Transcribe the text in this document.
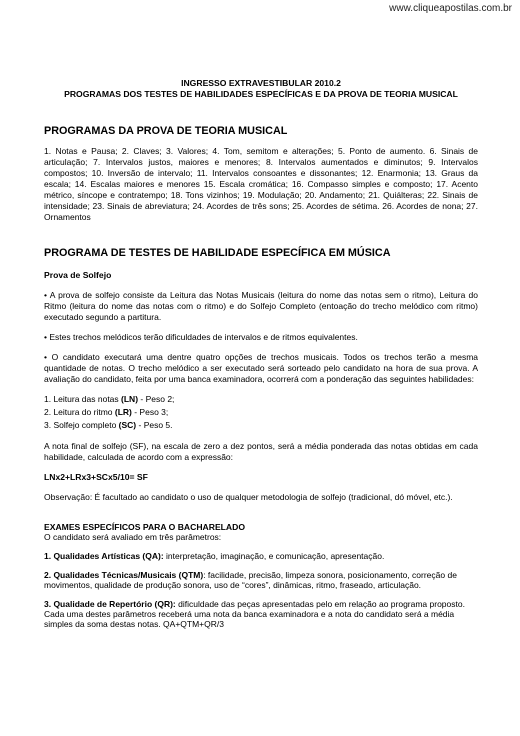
www.cliqueapostilas.com.br
INGRESSO EXTRAVESTIBULAR 2010.2
PROGRAMAS DOS TESTES DE HABILIDADES ESPECÍFICAS E DA PROVA DE TEORIA MUSICAL
PROGRAMAS DA PROVA DE TEORIA MUSICAL
1. Notas e Pausa; 2. Claves; 3. Valores; 4. Tom, semitom e alterações; 5. Ponto de aumento. 6. Sinais de articulação; 7. Intervalos justos, maiores e menores; 8. Intervalos aumentados e diminutos; 9. Intervalos compostos; 10. Inversão de intervalo; 11. Intervalos consoantes e dissonantes; 12. Enarmonia; 13. Graus da escala; 14. Escalas maiores e menores 15. Escala cromática; 16. Compasso simples e composto; 17. Acento métrico, síncope e contratempo; 18. Tons vizinhos; 19. Modulação; 20. Andamento; 21. Quiálteras; 22. Sinais de intensidade; 23. Sinais de abreviatura; 24. Acordes de três sons; 25. Acordes de sétima. 26. Acordes de nona; 27. Ornamentos
PROGRAMA DE TESTES DE HABILIDADE ESPECÍFICA EM MÚSICA
Prova de Solfejo
• A prova de solfejo consiste da Leitura das Notas Musicais (leitura do nome das notas sem o ritmo), Leitura do Ritmo (leitura do nome das notas com o ritmo) e do Solfejo Completo (entoação do trecho melódico com ritmo) executado segundo a partitura.
• Estes trechos melódicos terão dificuldades de intervalos e de ritmos equivalentes.
• O candidato executará uma dentre quatro opções de trechos musicais. Todos os trechos terão a mesma quantidade de notas. O trecho melódico a ser executado será sorteado pelo candidato na hora de sua prova. A avaliação do candidato, feita por uma banca examinadora, ocorrerá com a ponderação das seguintes habilidades:
1. Leitura das notas (LN) - Peso 2;
2. Leitura do ritmo (LR) - Peso 3;
3. Solfejo completo (SC) - Peso 5.
A nota final de solfejo (SF), na escala de zero a dez pontos, será a média ponderada das notas obtidas em cada habilidade, calculada de acordo com a expressão:
LNx2+LRx3+SCx5/10= SF
Observação: É facultado ao candidato o uso de qualquer metodologia de solfejo (tradicional, dó móvel, etc.).
EXAMES ESPECÍFICOS PARA O BACHARELADO
O candidato será avaliado em três parâmetros:
1. Qualidades Artísticas (QA): interpretação, imaginação, e comunicação, apresentação.
2. Qualidades Técnicas/Musicais (QTM): facilidade, precisão, limpeza sonora, posicionamento, correção de movimentos, qualidade de produção sonora, uso de “cores”, dinâmicas, ritmo, fraseado, articulação.
3. Qualidade de Repertório (QR): dificuldade das peças apresentadas pelo em relação ao programa proposto. Cada uma destes parâmetros receberá uma nota da banca examinadora e a nota do candidato será a média simples da soma destas notas. QA+QTM+QR/3
